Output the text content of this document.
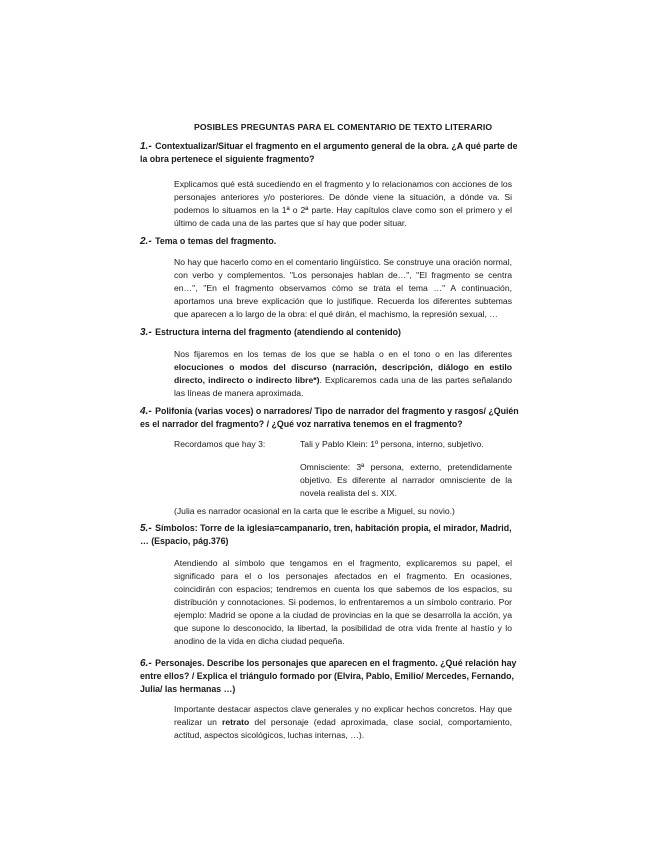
POSIBLES PREGUNTAS PARA EL COMENTARIO DE TEXTO LITERARIO
1.- Contextualizar/Situar el fragmento en el argumento general de la obra. ¿A qué parte de la obra pertenece el siguiente fragmento?
Explicamos qué está sucediendo en el fragmento y lo relacionamos con acciones de los personajes anteriores y/o posteriores. De dónde viene la situación, a dónde va. Si podemos lo situamos en la 1ª o 2ª parte. Hay capítulos clave como son el primero y el último de cada una de las partes que sí hay que poder situar.
2.- Tema o temas del fragmento.
No hay que hacerlo como en el comentario lingüístico. Se construye una oración normal, con verbo y complementos. "Los personajes hablan de…", "El fragmento se centra en…", "En el fragmento observamos cómo se trata el tema …" A continuación, aportamos una breve explicación que lo justifique. Recuerda los diferentes subtemas que aparecen a lo largo de la obra: el qué dirán, el machismo, la represión sexual, …
3.- Estructura interna del fragmento (atendiendo al contenido)
Nos fijaremos en los temas de los que se habla o en el tono o en las diferentes elocuciones o modos del discurso (narración, descripción, diálogo en estilo directo, indirecto o indirecto libre*). Explicaremos cada una de las partes señalando las líneas de manera aproximada.
4.- Polifonía (varias voces) o narradores/ Tipo de narrador del fragmento y rasgos/ ¿Quién es el narrador del fragmento? / ¿Qué voz narrativa tenemos en el fragmento?
Recordamos que hay 3:	Tali y Pablo Klein: 1º persona, interno, subjetivo.
Omnisciente: 3ª persona, externo, pretendidamente objetivo. Es diferente al narrador omnisciente de la novela realista del s. XIX.
(Julia es narrador ocasional en la carta que le escribe a Miguel, su novio.)
5.- Símbolos: Torre de la iglesia=campanario, tren, habitación propia, el mirador, Madrid, … (Espacio, pág.376)
Atendiendo al símbolo que tengamos en el fragmento, explicaremos su papel, el significado para el o los personajes afectados en el fragmento. En ocasiones, coincidirán con espacios; tendremos en cuenta los que sabemos de los espacios, su distribución y connotaciones. Si podemos, lo enfrentaremos a un símbolo contrario. Por ejemplo: Madrid se opone a la ciudad de provincias en la que se desarrolla la acción, ya que supone lo desconocido, la libertad, la posibilidad de otra vida frente al hastío y lo anodino de la vida en dicha ciudad pequeña.
6.- Personajes. Describe los personajes que aparecen en el fragmento. ¿Qué relación hay entre ellos? / Explica el triángulo formado por (Elvira, Pablo, Emilio/ Mercedes, Fernando, Julia/ las hermanas …)
Importante destacar aspectos clave generales y no explicar hechos concretos. Hay que realizar un retrato del personaje (edad aproximada, clase social, comportamiento, actitud, aspectos sicológicos, luchas internas, …).
